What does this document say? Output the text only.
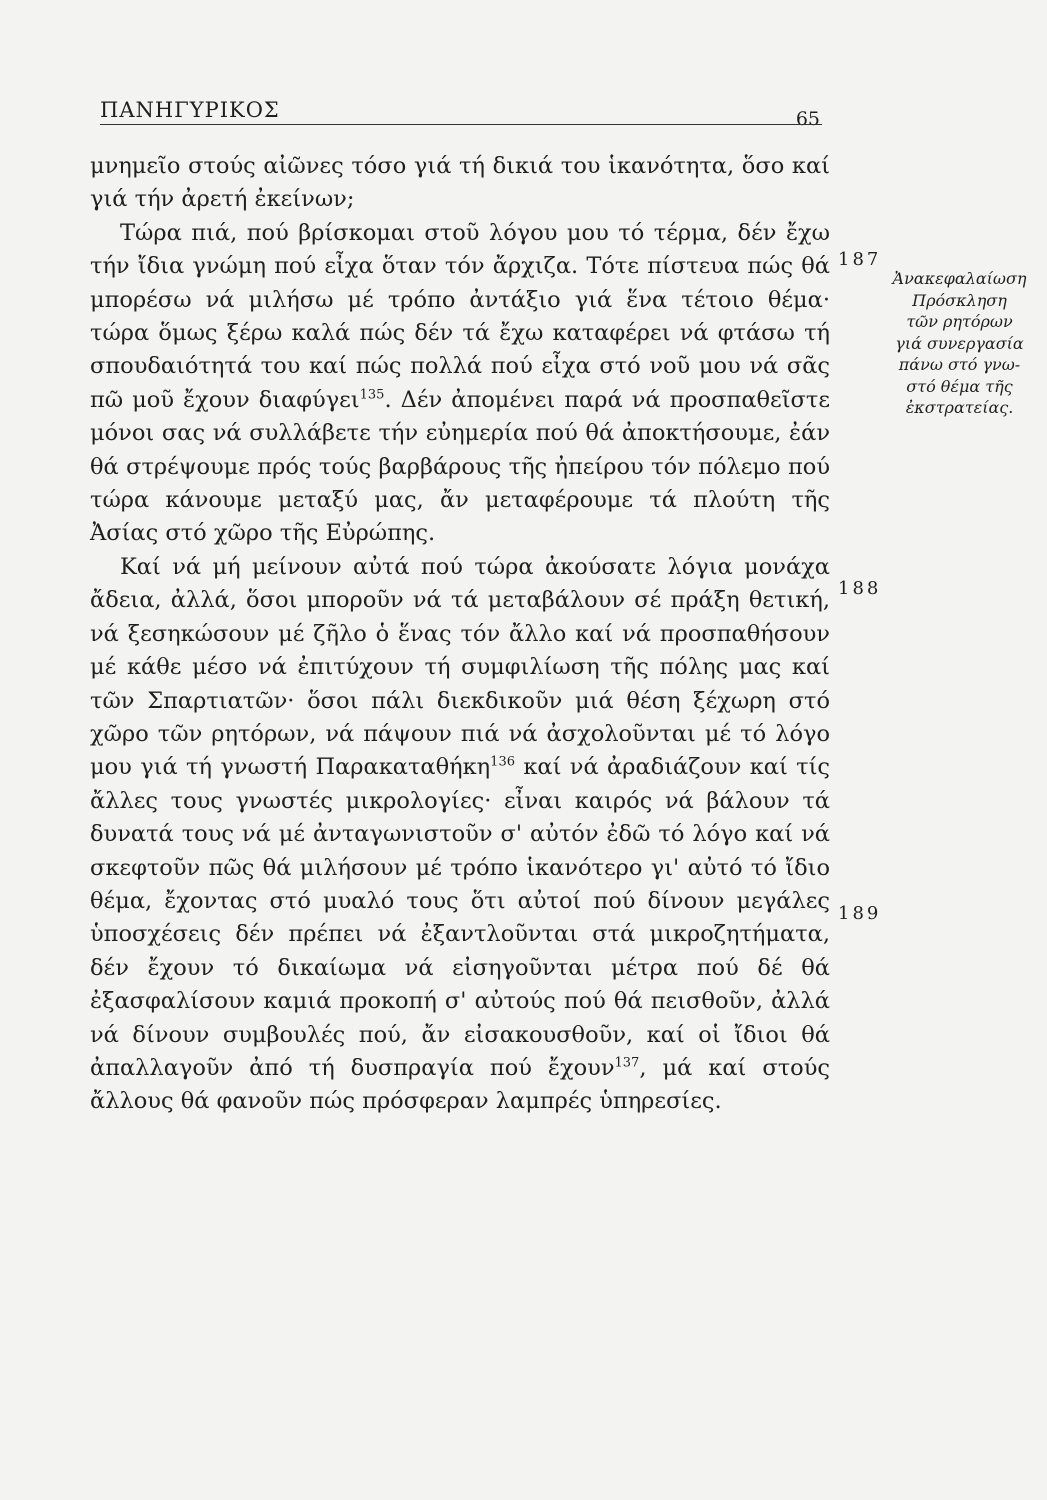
ΠΑΝΗΓΥΡΙΚΟΣ	65

μνημεῖο στούς αἰῶνες τόσο γιά τή δικιά του ἱκανότητα, ὅσο καί γιά τήν ἀρετή ἐκείνων;

Τώρα πιά, πού βρίσκομαι στοῦ λόγου μου τό τέρμα, δέν ἔχω τήν ἴδια γνώμη πού εἶχα ὅταν τόν ἄρχιζα. Τότε πίστευα πώς θά μπορέσω νά μιλήσω μέ τρόπο ἀντάξιο γιά ἕνα τέτοιο θέμα· τώρα ὅμως ξέρω καλά πώς δέν τά ἔχω καταφέρει νά φτάσω τή σπουδαιότητά του καί πώς πολλά πού εἶχα στό νοῦ μου νά σᾶς πῶ μοῦ ἔχουν διαφύγει$^{135}$. Δέν ἀπομένει παρά νά προσπαθεῖστε μόνοι σας νά συλλάβετε τήν εὐημερία πού θά ἀποκτήσουμε, ἐάν θά στρέψουμε πρός τούς βαρβάρους τῆς ἠπείρου τόν πόλεμο πού τώρα κάνουμε μεταξύ μας, ἄν μεταφέρουμε τά πλούτη τῆς Ἀσίας στό χῶρο τῆς Εὐρώπης.

Καί νά μή μείνουν αὐτά πού τώρα ἀκούσατε λόγια μονάχα ἄδεια, ἀλλά, ὅσοι μποροῦν νά τά μεταβάλουν σέ πράξη θετική, νά ξεσηκώσουν μέ ζῆλο ὁ ἕνας τόν ἄλλο καί νά προσπαθήσουν μέ κάθε μέσο νά ἐπιτύχουν τή συμφιλίωση τῆς πόλης μας καί τῶν Σπαρτιατῶν· ὅσοι πάλι διεκδικοῦν μιά θέση ξέχωρη στό χῶρο τῶν ρητόρων, νά πάψουν πιά νά ἀσχολοῦνται μέ τό λόγο μου γιά τή γνωστή Παρακαταθήκη$^{136}$ καί νά ἀραδιάζουν καί τίς ἄλλες τους γνωστές μικρολογίες· εἶναι καιρός νά βάλουν τά δυνατά τους νά μέ ἀνταγωνιστοῦν σ' αὐτόν ἐδῶ τό λόγο καί νά σκεφτοῦν πῶς θά μιλήσουν μέ τρόπο ἱκανότερο γι' αὐτό τό ἴδιο θέμα, ἔχοντας στό μυαλό τους ὅτι αὐτοί πού δίνουν μεγάλες ὑποσχέσεις δέν πρέπει νά ἐξαντλοῦνται στά μικροζητήματα, δέν ἔχουν τό δικαίωμα νά εἰσηγοῦνται μέτρα πού δέ θά ἐξασφαλίσουν καμιά προκοπή σ' αὐτούς πού θά πεισθοῦν, ἀλλά νά δίνουν συμβουλές πού, ἄν εἰσακουσθοῦν, καί οἱ ἴδιοι θά ἀπαλλαγοῦν ἀπό τή δυσπραγία πού ἔχουν$^{137}$, μά καί στούς ἄλλους θά φανοῦν πώς πρόσφεραν λαμπρές ὑπηρεσίες.

187
188
189
Ἀνακεφαλαίωση
Πρόσκληση
τῶν ρητόρων
γιά συνεργασία
πάνω στό γνω-
στό θέμα τῆς
ἐκστρατείας.
